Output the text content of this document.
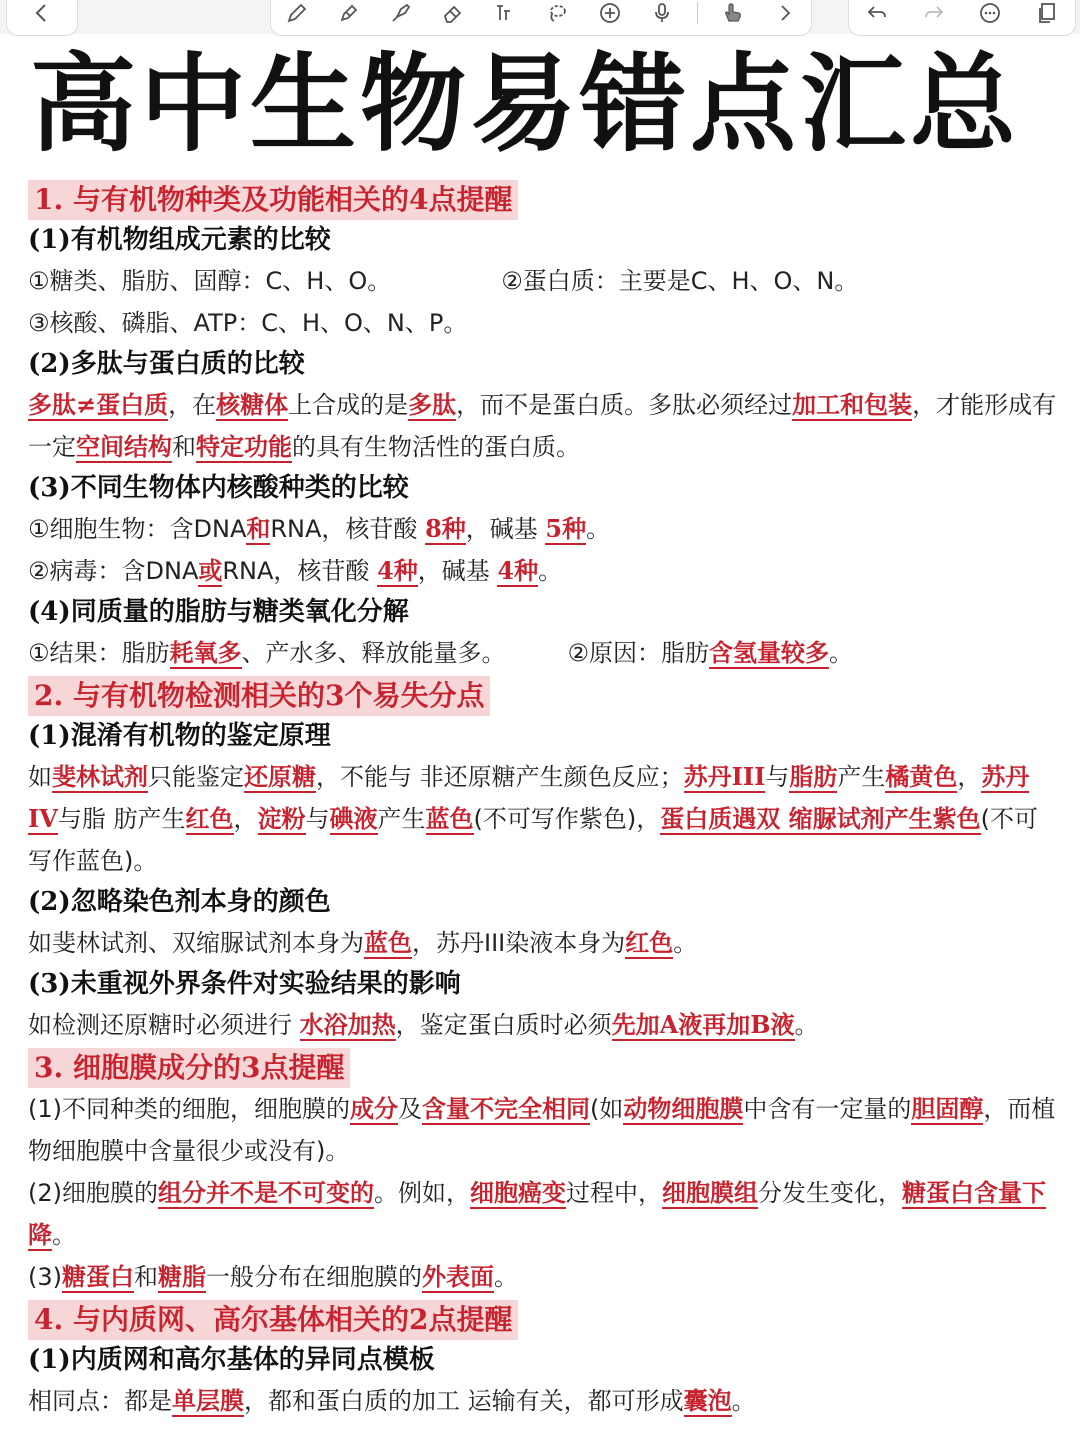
高中生物易错点汇总
1. 与有机物种类及功能相关的4点提醒
(1)有机物组成元素的比较
①糖类、脂肪、固醇：C、H、O。	②蛋白质：主要是C、H、O、N。
③核酸、磷脂、ATP：C、H、O、N、P。
(2)多肽与蛋白质的比较
多肽≠蛋白质，在核糖体上合成的是多肽，而不是蛋白质。多肽必须经过加工和包装，才能形成有一定空间结构和特定功能的具有生物活性的蛋白质。
(3)不同生物体内核酸种类的比较
①细胞生物：含DNA和RNA，核苷酸 8种，碱基 5种。
②病毒：含DNA或RNA，核苷酸 4种，碱基 4种。
(4)同质量的脂肪与糖类氧化分解
①结果：脂肪耗氧多、产水多、释放能量多。	②原因：脂肪含氢量较多。
2. 与有机物检测相关的3个易失分点
(1)混淆有机物的鉴定原理
如斐林试剂只能鉴定还原糖，不能与 非还原糖产生颜色反应；苏丹III与脂肪产生橘黄色，苏丹IV与脂 肪产生红色，淀粉与碘液产生蓝色(不可写作紫色)，蛋白质遇双 缩脲试剂产生紫色(不可写作蓝色)。
(2)忽略染色剂本身的颜色
如斐林试剂、双缩脲试剂本身为蓝色，苏丹III染液本身为红色。
(3)未重视外界条件对实验结果的影响
如检测还原糖时必须进行 水浴加热，鉴定蛋白质时必须先加A液再加B液。
3. 细胞膜成分的3点提醒
(1)不同种类的细胞，细胞膜的成分及含量不完全相同(如动物细胞膜中含有一定量的胆固醇，而植物细胞膜中含量很少或没有)。
(2)细胞膜的组分并不是不可变的。例如，细胞癌变过程中，细胞膜组分发生变化，糖蛋白含量下降。
(3)糖蛋白和糖脂一般分布在细胞膜的外表面。
4. 与内质网、高尔基体相关的2点提醒
(1)内质网和高尔基体的异同点模板
相同点：都是单层膜，都和蛋白质的加工 运输有关，都可形成囊泡。
